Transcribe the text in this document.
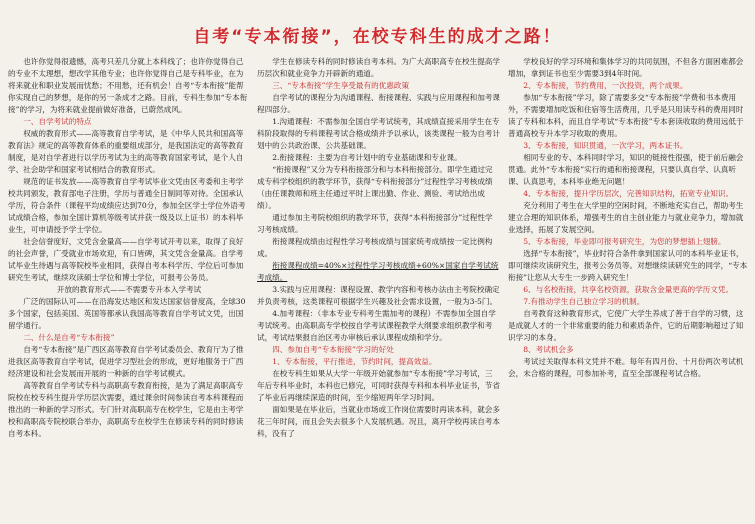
自考“专本衔接”，在校专科生的成才之路！

也许你觉得很遗憾，高考只差几分就上本科线了；也许你觉得自己的专业不太理想，想改学其他专业；也许你觉得自己是专科毕业，在为将来就业和职业发展而忧愁；不用愁，还有机会！自考“专本衔接”能帮你实现自己的梦想，是你的另一条成才之路。目前，专科生参加“专本衔接”的学习，为将来就业提前做好准备，已蔚然成风。

一、自学考试的特点

权威的教育形式——高等教育自学考试，是《中华人民共和国高等教育法》规定的高等教育体系的重要组成部分，是我国法定的高等教育制度，是对自学者进行以学历考试为主的高等教育国家考试，是个人自学、社会助学和国家考试相结合的教育形式。

规范的证书发放——高等教育自学考试毕业文凭由区考委和主考学校共同颁发，教育部电子注册，学历与普通全日制同等对待。全国承认学历，符合条件（课程平均成绩应达到70分，参加全区学士学位外语考试成绩合格，参加全国计算机等级考试并获一级及以上证书）的本科毕业生，可申请授予学士学位。

社会信誉度好，文凭含金量高——自学考试开考以来，取得了良好的社会声誉，广受就业市场欢迎，有口皆碑，其文凭含金量高。自学考试毕业生待遇与高等院校毕业相同，获得自考本科学历、学位后可参加研究生考试，继续攻读硕士学位和博士学位，可报考公务员。

开放的教育形式——不需要专升本入学考试

广泛的国际认可——在沿海发达地区和发达国家信誉度高，全球30多个国家，包括美国、英国等都承认我国高等教育自学考试文凭，出国留学通行。

二、什么是自考“专本衔接”

自考“专本衔接”是广西区高等教育自学考试委员会、教育厅为了推进我区高等教育自学考试，促进学习型社会的形成，更好地服务于广西经济建设和社会发展而开展的一种新的自学考试模式。

高等教育自学考试专科与高职高专教育衔接，是为了满足高职高专院校在校专科生提升学历层次需要，通过课余时间参读自考本科课程而推出的一种新的学习形式。专门针对高职高专在校学生，它是由主考学校和高职高专院校联合举办，高职高专在校学生在修读专科的同时修读自考本科。

学生在修读专科的同时修读自考本科。为广大高职高专在校生提高学历层次和就业竞争力开辟新的通道。

三、“专本衔接”学生享受最有的优惠政策

自学考试的课程分为沟通课程、衔接课程、实践与应用课程和加考课程四部分。

1.沟通课程：不需参加全国自学考试统考，其成绩直接采用学生在专科阶段取得的专科课程考试合格成绩并予以承认，该类课程一般为自考计划中的公共政治课、公共基础课。

2.衔接课程：主要为自考计划中的专业基础课和专业课。

“衔接课程”又分为专科衔接部分和与本科衔接部分。即学生通过完成专科学校组织的教学环节，获得“专科衔接部分”过程性学习考核成绩（由任课教师和班主任通过平时上课出勤、作业、测验、考试给出成绩）。

通过参加主考院校组织的教学环节，获得“本科衔接部分”过程性学习考核成绩。

衔接课程成绩由过程性学习考核成绩与国家统考成绩按一定比例构成。

衔接课程成绩=40%×过程性学习考核成绩+60%×国家自学考试统考成绩。

3.实践与应用课程：课程设置、教学内容和考核办法由主考院校确定并负责考核，这类课程可根据学生兴趣及社会需求设置，一般为3-5门。

4.加考课程：（非本专业专科考生需加考的课程）不需参加全国自学考试统考。由高职高专学校按自学考试课程教学大纲要求组织教学和考试，考试结果报自治区考办审核后承认课程成绩和学分。

四、参加自考“专本衔接”学习的好处

1、专本衔接，平行推进，节约时间，提高效益。

在校专科生如果从大学一年级开始就参加“专本衔接”学习考试，三年后专科毕业时，本科也已修完，可同时获得专科和本科毕业证书，节省了毕业后再继续深造的时间，至少缩短两年学习时间。

面如果是在毕业后，当就业市场或工作岗位需要时再读本科，就会多花三年时间，而且会失去很多个人发展机遇。况且，离开学校再读自考本科，没有了

学校良好的学习环境和集体学习的共同氛围，不但各方面困难都会增加，拿到证书也至少需要3到4年时间。

2、专本衔接，节约费用，一次投资，两个成果。

参加“专本衔接”学习，除了需要多交“专本衔接”学费和书本费用外，不需要增加吃饭和住宿等生活费用，几乎是只用读专科的费用同时读了专科和本科，而且自学考试“专本衔接”专本套读收取的费用远低于普通高校专升本学习收取的费用。

3、专本衔接，知识贯通，一次学习，两本证书。

相同专业的专、本科同时学习，知识的链接性很强，使于前后融会贯通。此外“专本衔接”实行的通和衔接课程，只要认真自学、认真听课、认真思考，本科毕业绝无问题！

4、专本衔接，提升学历层次，完善知识结构，拓宽专业知识。

充分利用了考生在大学里的空闲时间，不断地充实自己，帮助考生建立合理的知识体系，增强考生的自主创业能力与就业竞争力，增加就业选择，拓展了发展空间。

5、专本衔接，毕业即可报考研究生，为您的梦想插上翅膀。

选择“专本衔接”，毕业时符合条件拿到国家认可的本科毕业证书，即可继续攻读研究生，报考公务员等。对想继续读研究生的同学，“专本衔接”让您从大专生一步跨入研究生！

6、与名校衔接，共享名校资源，获取含金量更高的学历文凭。

7.有推动学生自己独立学习的机制。

自考教育这种教育形式，它使广大学生养成了善于自学的习惯，这是成就人才的一个非常重要的能力和素质条件，它的后期影响超过了知识学习的本身。

8、考试机会多

考试过关取得本科文凭并不难。每年有四月份、十月份两次考试机会，未合格的课程，可参加补考，直至全部课程考试合格。
